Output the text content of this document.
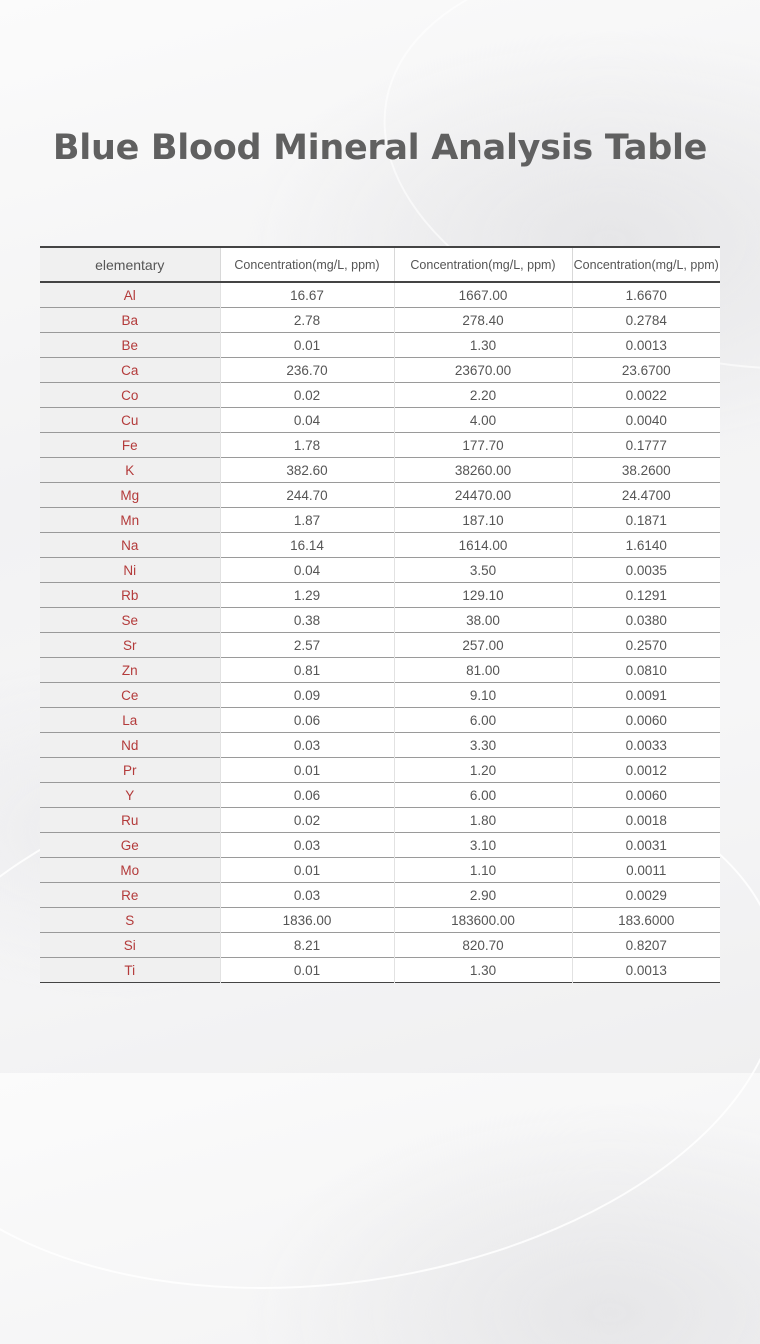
Blue Blood Mineral Analysis Table
elementary	Concentration(mg/L, ppm)	Concentration(mg/L, ppm)	Concentration(mg/L, ppm)
Al	16.67	1667.00	1.6670
Ba	2.78	278.40	0.2784
Be	0.01	1.30	0.0013
Ca	236.70	23670.00	23.6700
Co	0.02	2.20	0.0022
Cu	0.04	4.00	0.0040
Fe	1.78	177.70	0.1777
K	382.60	38260.00	38.2600
Mg	244.70	24470.00	24.4700
Mn	1.87	187.10	0.1871
Na	16.14	1614.00	1.6140
Ni	0.04	3.50	0.0035
Rb	1.29	129.10	0.1291
Se	0.38	38.00	0.0380
Sr	2.57	257.00	0.2570
Zn	0.81	81.00	0.0810
Ce	0.09	9.10	0.0091
La	0.06	6.00	0.0060
Nd	0.03	3.30	0.0033
Pr	0.01	1.20	0.0012
Y	0.06	6.00	0.0060
Ru	0.02	1.80	0.0018
Ge	0.03	3.10	0.0031
Mo	0.01	1.10	0.0011
Re	0.03	2.90	0.0029
S	1836.00	183600.00	183.6000
Si	8.21	820.70	0.8207
Ti	0.01	1.30	0.0013
